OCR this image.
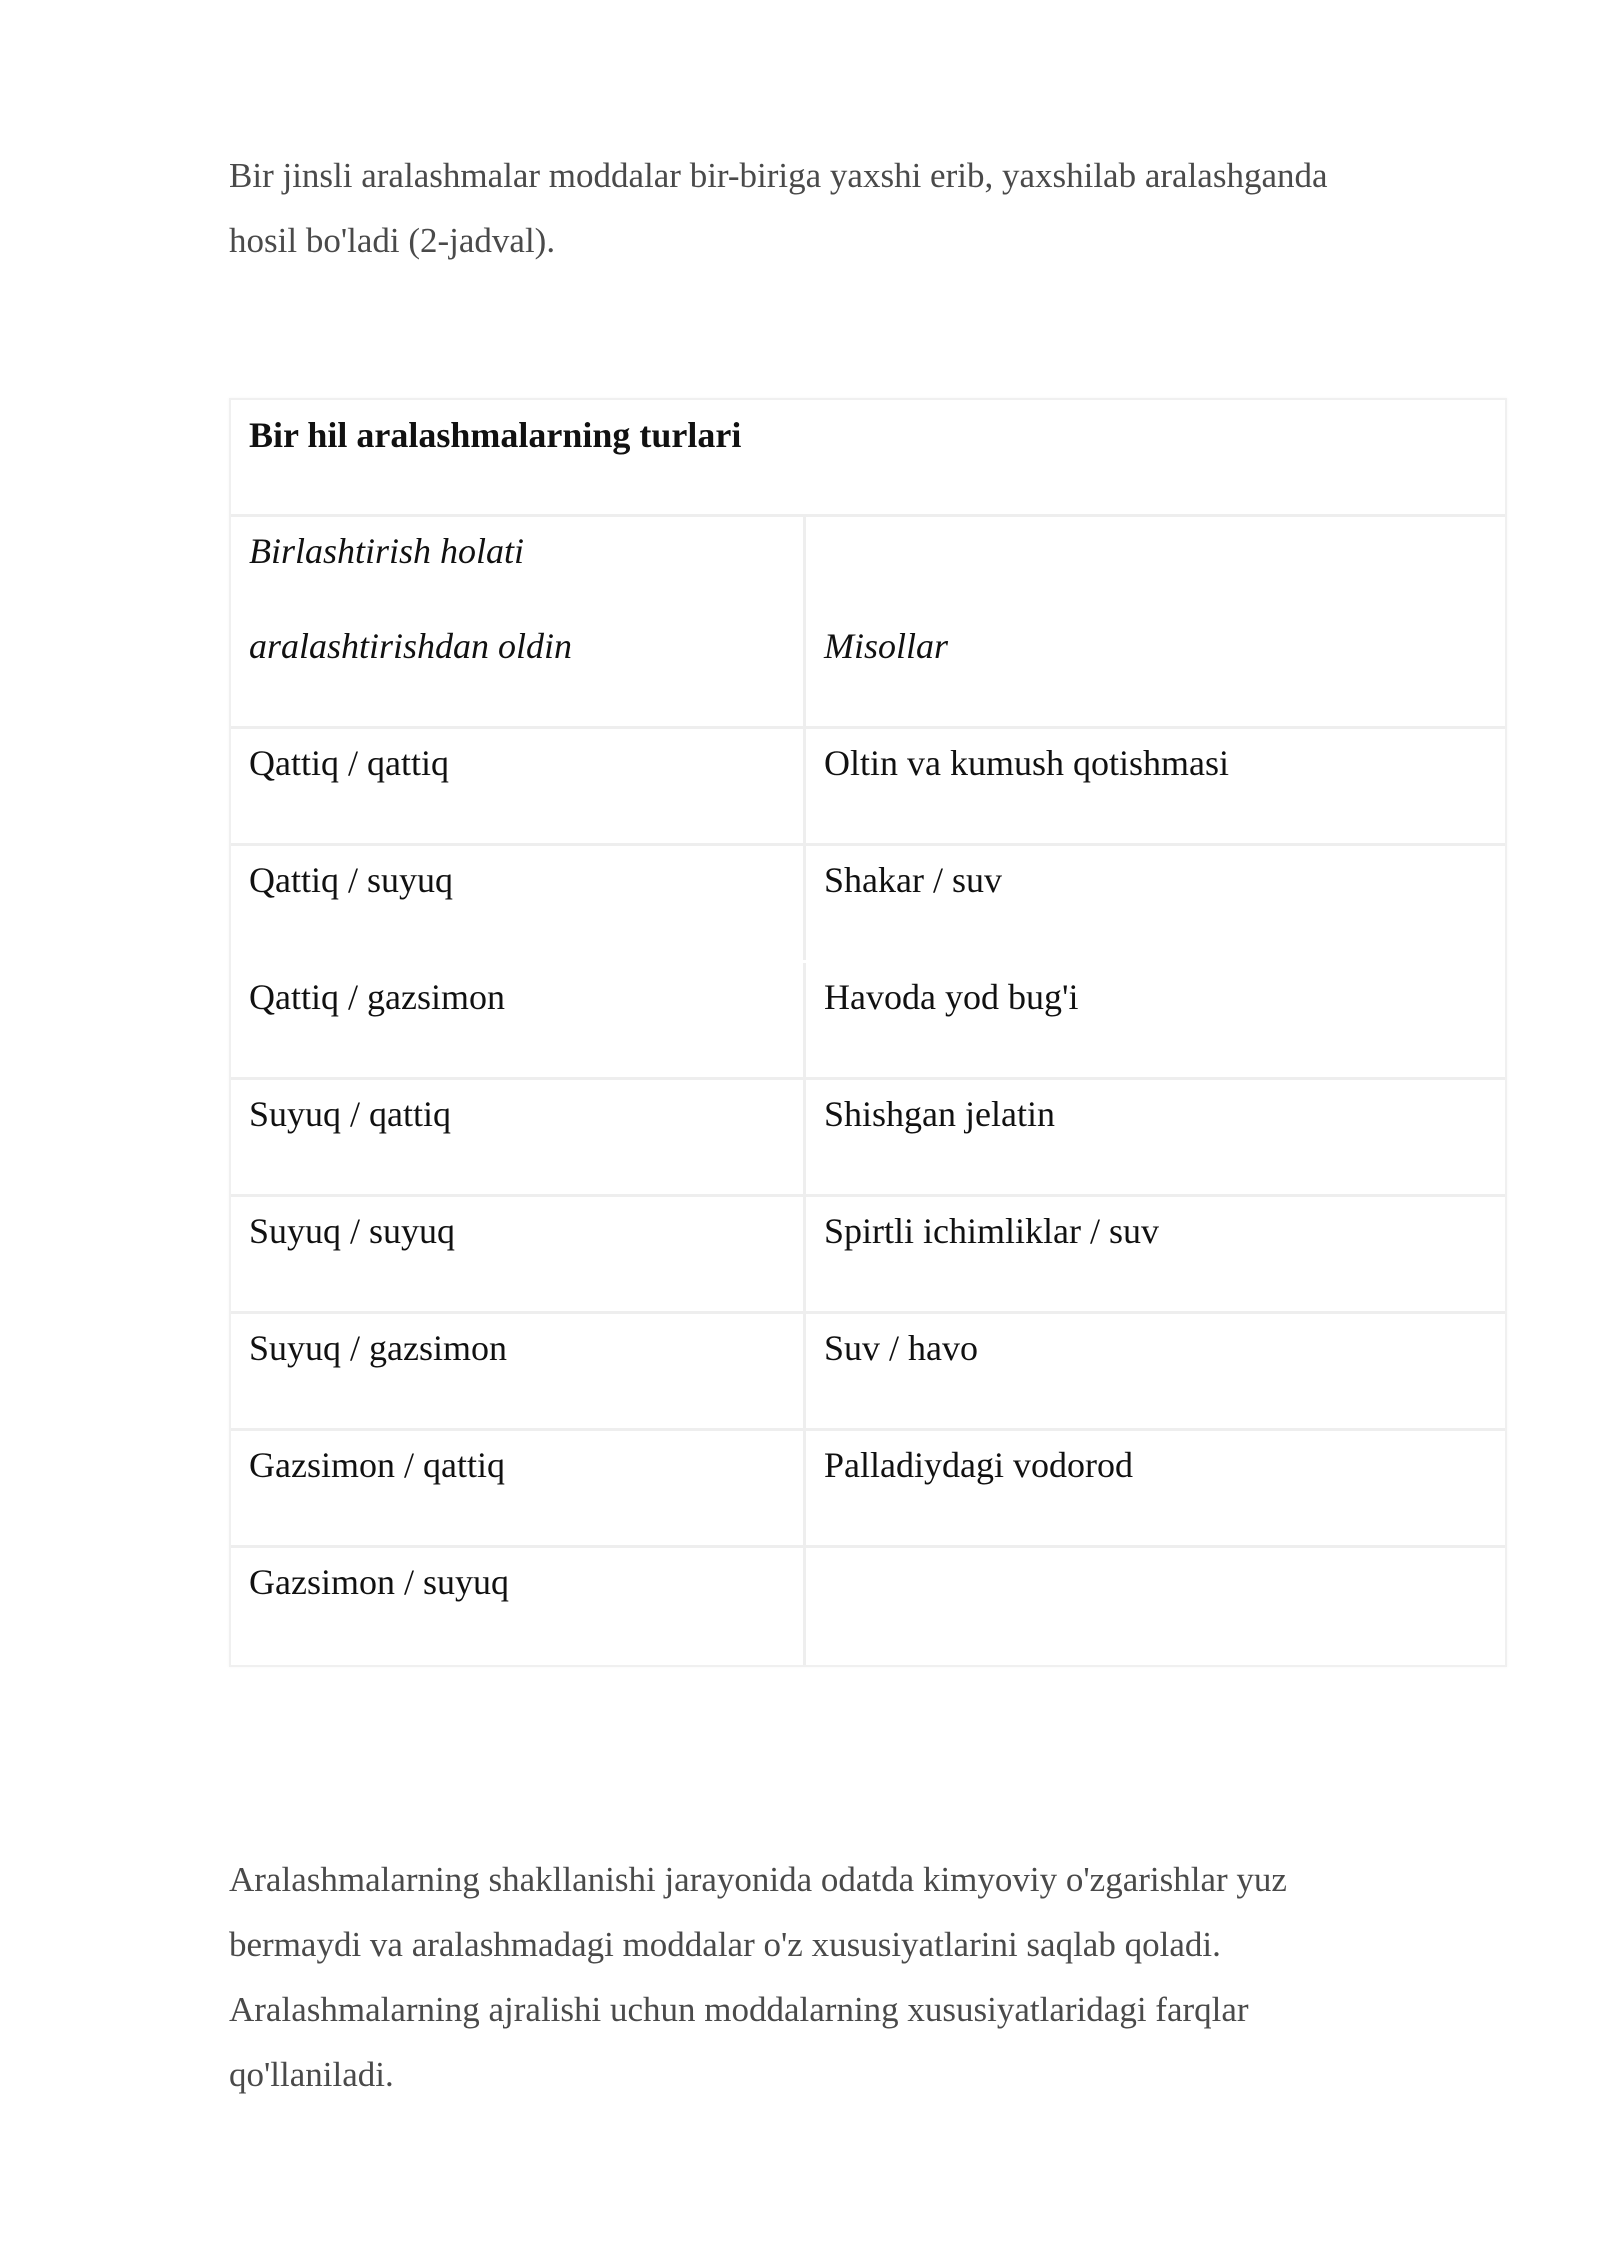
Bir jinsli aralashmalar moddalar bir-biriga yaxshi erib, yaxshilab aralashganda
hosil bo'ladi (2-jadval).

Bir hil aralashmalarning turlari
Birlashtirish holati
aralashtirishdan oldin	Misollar
Qattiq / qattiq	Oltin va kumush qotishmasi
Qattiq / suyuq	Shakar / suv
Qattiq / gazsimon	Havoda yod bug'i
Suyuq / qattiq	Shishgan jelatin
Suyuq / suyuq	Spirtli ichimliklar / suv
Suyuq / gazsimon	Suv / havo
Gazsimon / qattiq	Palladiydagi vodorod
Gazsimon / suyuq

Aralashmalarning shakllanishi jarayonida odatda kimyoviy o'zgarishlar yuz
bermaydi va aralashmadagi moddalar o'z xususiyatlarini saqlab qoladi.
Aralashmalarning ajralishi uchun moddalarning xususiyatlaridagi farqlar
qo'llaniladi.
